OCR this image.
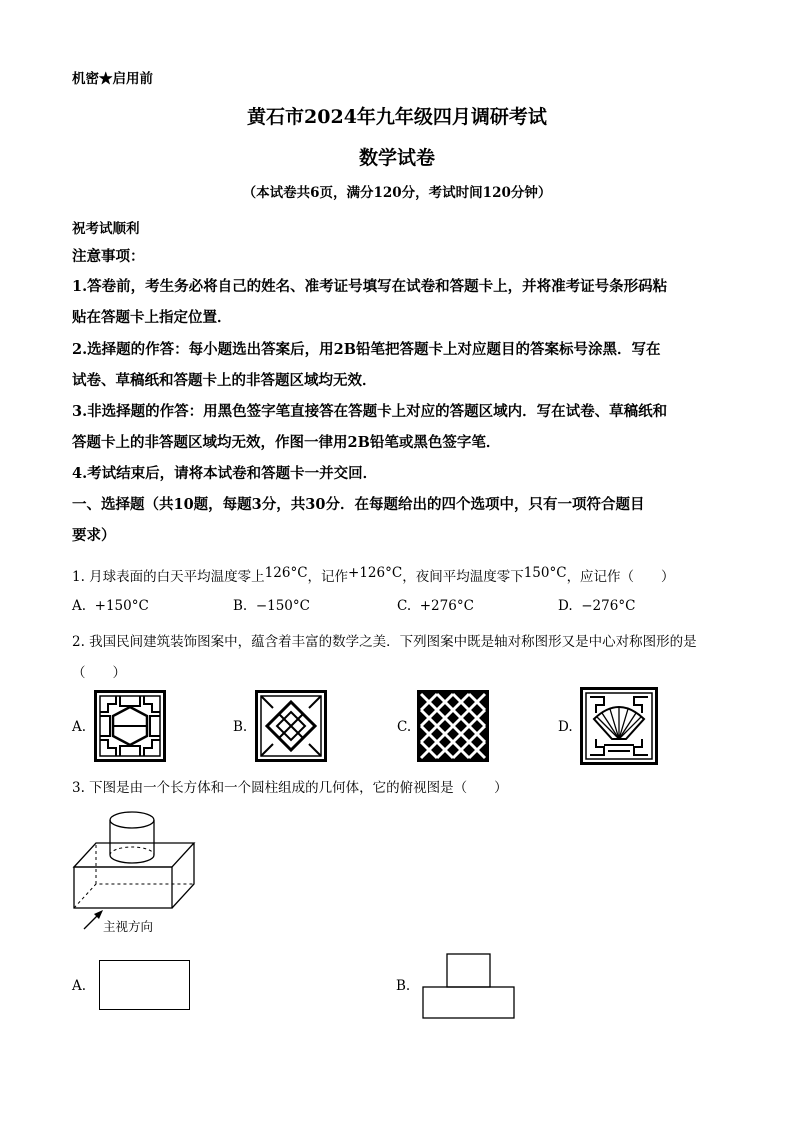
机密★启用前
黄石市2024年九年级四月调研考试
数学试卷
（本试卷共6页，满分120分，考试时间120分钟）
祝考试顺利
注意事项：
1.答卷前，考生务必将自己的姓名、准考证号填写在试卷和答题卡上，并将准考证号条形码粘
贴在答题卡上指定位置．
2.选择题的作答：每小题选出答案后，用2B铅笔把答题卡上对应题目的答案标号涂黑．写在
试卷、草稿纸和答题卡上的非答题区域均无效．
3.非选择题的作答：用黑色签字笔直接答在答题卡上对应的答题区域内．写在试卷、草稿纸和
答题卡上的非答题区域均无效，作图一律用2B铅笔或黑色签字笔．
4.考试结束后，请将本试卷和答题卡一并交回．
一、选择题（共10题，每题3分，共30分．在每题给出的四个选项中，只有一项符合题目
要求）
1. 月球表面的白天平均温度零上126°C，记作+126°C，夜间平均温度零下150°C，应记作（　　）
A. +150°C	B. −150°C	C. +276°C	D. −276°C
2. 我国民间建筑装饰图案中，蕴含着丰富的数学之美．下列图案中既是轴对称图形又是中心对称图形的是
（　　）
A.	B.	C.	D.
3. 下图是由一个长方体和一个圆柱组成的几何体，它的俯视图是（　　）
主视方向
A.	B.
